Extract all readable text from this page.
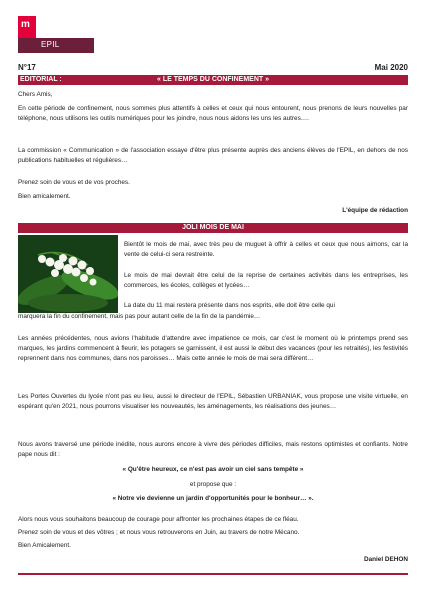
m
EPIL
N°17	Mai 2020
EDITORIAL :	« LE TEMPS DU CONFINEMENT »

Chers Amis,

En cette période de confinement, nous sommes plus attentifs à celles et ceux qui nous entourent, nous prenons de leurs nouvelles par téléphone, nous utilisons les outils numériques pour les joindre, nous nous aidons les uns les autres….

La commission « Communication » de l'association essaye d'être plus présente auprès des anciens élèves de l'EPIL, en dehors de nos publications habituelles et régulières…

Prenez soin de vous et de vos proches.

Bien amicalement.

L'équipe de rédaction

JOLI MOIS DE MAI

Bientôt le mois de mai, avec très peu de muguet à offrir à celles et ceux que nous aimons, car la vente de celui-ci sera restreinte.

Le mois de mai devrait être celui de la reprise de certaines activités dans les entreprises, les commerces, les écoles, collèges et lycées…

La date du 11 mai restera présente dans nos esprits, elle doit être celle qui

marquera la fin du confinement, mais pas pour autant celle de la fin de la pandémie…

Les années précédentes, nous avions l'habitude d'attendre avec impatience ce mois, car c'est le moment où le printemps prend ses marques, les jardins commencent à fleurir, les potagers se garnissent, il est aussi le début des vacances (pour les retraités), les festivités reprennent dans nos communes, dans nos paroisses… Mais cette année le mois de mai sera différent…

Les Portes Ouvertes du lycée n'ont pas eu lieu, aussi le directeur de l'EPIL, Sébastien URBANIAK, vous propose une visite virtuelle, en espérant qu'en 2021, nous pourrons visualiser les nouveautés, les aménagements, les réalisations des jeunes…

Nous avons traversé une période inédite, nous aurons encore à vivre des périodes difficiles, mais restons optimistes et confiants. Notre pape nous dit :

« Qu'être heureux, ce n'est pas avoir un ciel sans tempête »

et propose que :

« Notre vie devienne un jardin d'opportunités pour le bonheur… ».

Alors nous vous souhaitons beaucoup de courage pour affronter les prochaines étapes de ce fléau.

Prenez soin de vous et des vôtres ; et nous vous retrouverons en Juin, au travers de notre Mécano.

Bien Amicalement.

Daniel DEHON
